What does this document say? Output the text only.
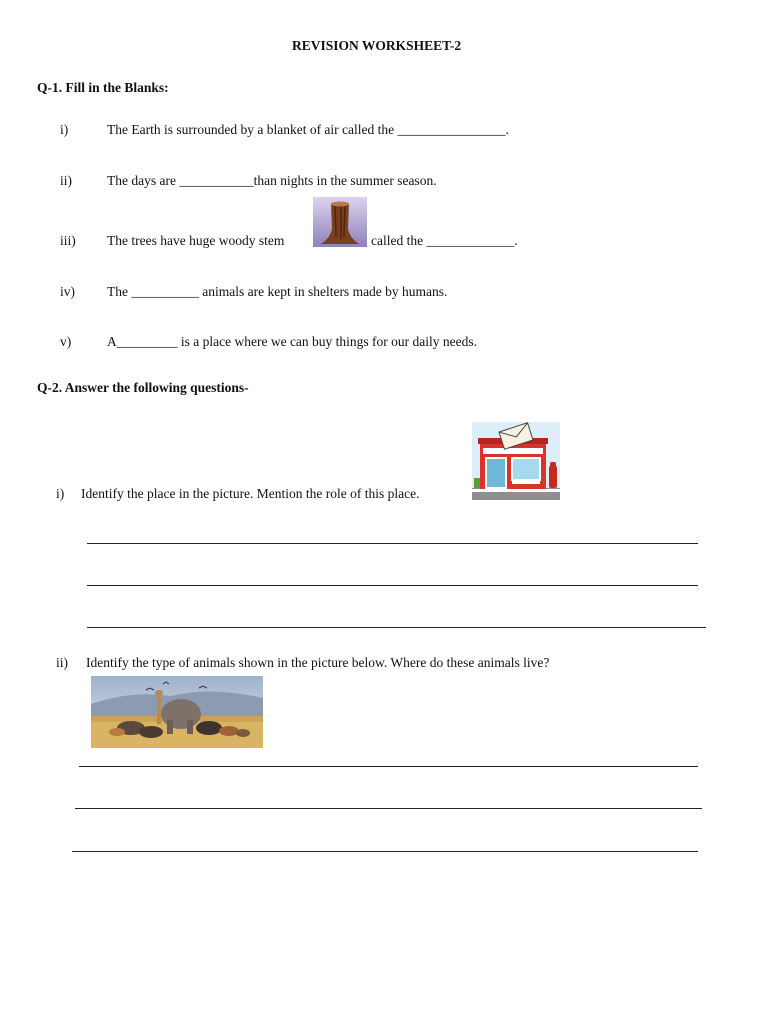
REVISION WORKSHEET-2
Q-1. Fill in the Blanks:
i)	The Earth is surrounded by a blanket of air called the ________________.
ii)	The days are ___________than nights in the summer season.
iii) The trees have huge woody stem	called the _____________.
iv) The __________ animals are kept in shelters made by humans.
v)	A_________ is a place where we can buy things for our daily needs.
Q-2. Answer the following questions-
i) Identify the place in the picture. Mention the role of this place.
ii) Identify the type of animals shown in the picture below. Where do these animals live?
